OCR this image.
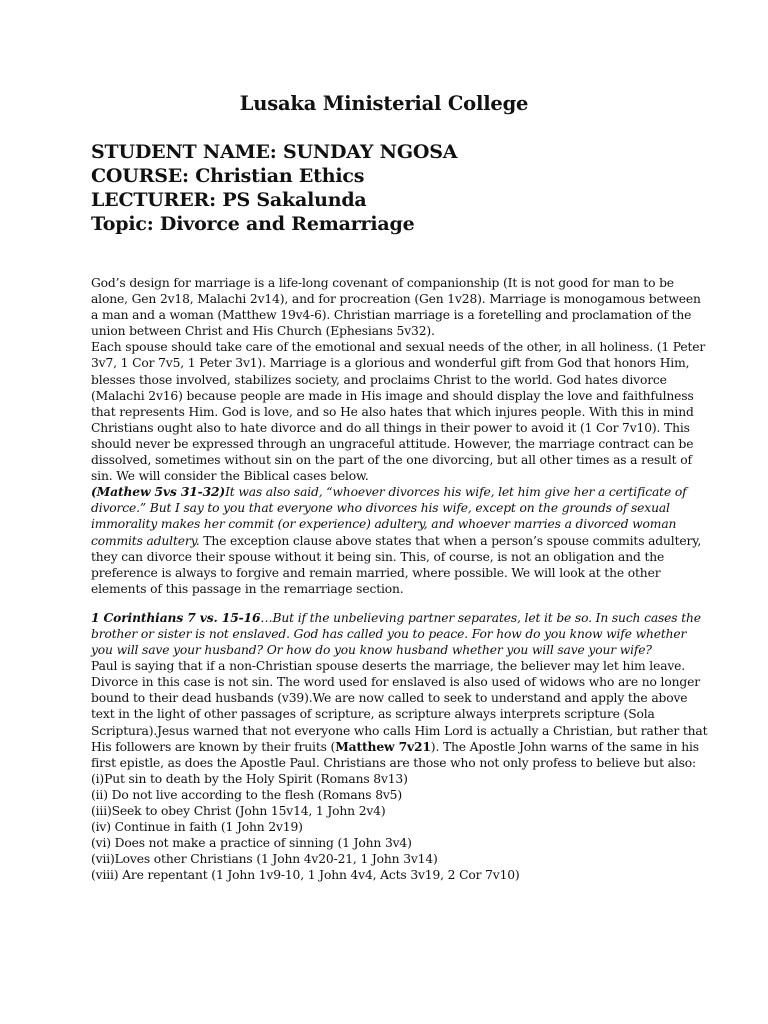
Lusaka Ministerial College
STUDENT NAME: SUNDAY NGOSA
COURSE: Christian Ethics
LECTURER: PS Sakalunda
Topic: Divorce and Remarriage

God’s design for marriage is a life-long covenant of companionship (It is not good for man to be alone, Gen 2v18, Malachi 2v14), and for procreation (Gen 1v28). Marriage is monogamous between a man and a woman (Matthew 19v4-6). Christian marriage is a foretelling and proclamation of the union between Christ and His Church (Ephesians 5v32).

Each spouse should take care of the emotional and sexual needs of the other, in all holiness. (1 Peter 3v7, 1 Cor 7v5, 1 Peter 3v1). Marriage is a glorious and wonderful gift from God that honors Him, blesses those involved, stabilizes society, and proclaims Christ to the world. God hates divorce (Malachi 2v16) because people are made in His image and should display the love and faithfulness that represents Him. God is love, and so He also hates that which injures people. With this in mind Christians ought also to hate divorce and do all things in their power to avoid it (1 Cor 7v10). This should never be expressed through an ungraceful attitude. However, the marriage contract can be dissolved, sometimes without sin on the part of the one divorcing, but all other times as a result of sin. We will consider the Biblical cases below.

(Mathew 5vs 31-32)It was also said, “whoever divorces his wife, let him give her a certificate of divorce.” But I say to you that everyone who divorces his wife, except on the grounds of sexual immorality makes her commit (or experience) adultery, and whoever marries a divorced woman commits adultery. The exception clause above states that when a person’s spouse commits adultery, they can divorce their spouse without it being sin. This, of course, is not an obligation and the preference is always to forgive and remain married, where possible. We will look at the other elements of this passage in the remarriage section.

1 Corinthians 7 vs. 15-16…But if the unbelieving partner separates, let it be so. In such cases the brother or sister is not enslaved. God has called you to peace. For how do you know wife whether you will save your husband? Or how do you know husband whether you will save your wife?

Paul is saying that if a non-Christian spouse deserts the marriage, the believer may let him leave. Divorce in this case is not sin. The word used for enslaved is also used of widows who are no longer bound to their dead husbands (v39).We are now called to seek to understand and apply the above text in the light of other passages of scripture, as scripture always interprets scripture (Sola Scriptura).Jesus warned that not everyone who calls Him Lord is actually a Christian, but rather that His followers are known by their fruits (Matthew 7v21). The Apostle John warns of the same in his first epistle, as does the Apostle Paul. Christians are those who not only profess to believe but also:

(i)Put sin to death by the Holy Spirit (Romans 8v13)
(ii) Do not live according to the flesh (Romans 8v5)
(iii)Seek to obey Christ (John 15v14, 1 John 2v4)
(iv) Continue in faith (1 John 2v19)
(vi) Does not make a practice of sinning (1 John 3v4)
(vii)Loves other Christians (1 John 4v20-21, 1 John 3v14)
(viii) Are repentant (1 John 1v9-10, 1 John 4v4, Acts 3v19, 2 Cor 7v10)
